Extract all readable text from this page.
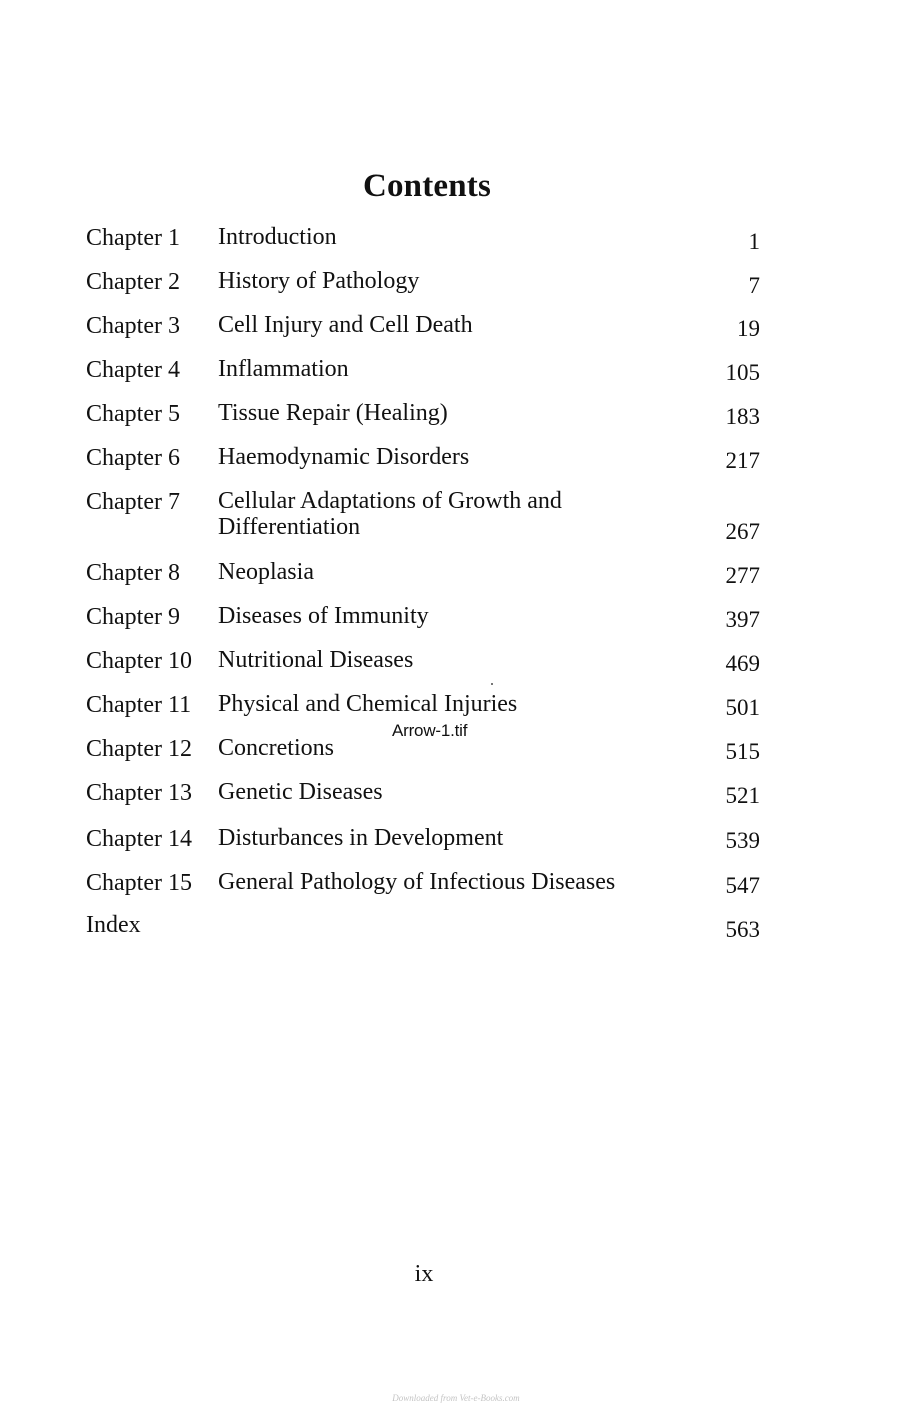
Contents
Chapter 1 Introduction	1
Chapter 2 History of Pathology	7
Chapter 3 Cell Injury and Cell Death	19
Chapter 4 Inflammation	105
Chapter 5 Tissue Repair (Healing)	183
Chapter 6 Haemodynamic Disorders	217
Chapter 7 Cellular Adaptations of Growth and
Differentiation	267
Chapter 8 Neoplasia	277
Chapter 9 Diseases of Immunity	397
Chapter 10 Nutritional Diseases	469
Chapter 11 Physical and Chemical Injuries	501
Chapter 12 Concretions	515
Chapter 13 Genetic Diseases	521
Chapter 14 Disturbances in Development	539
Chapter 15 General Pathology of Infectious Diseases	547
Index	563
Arrow-1.tif
ix
Downloaded from Vet-e-Books.com
